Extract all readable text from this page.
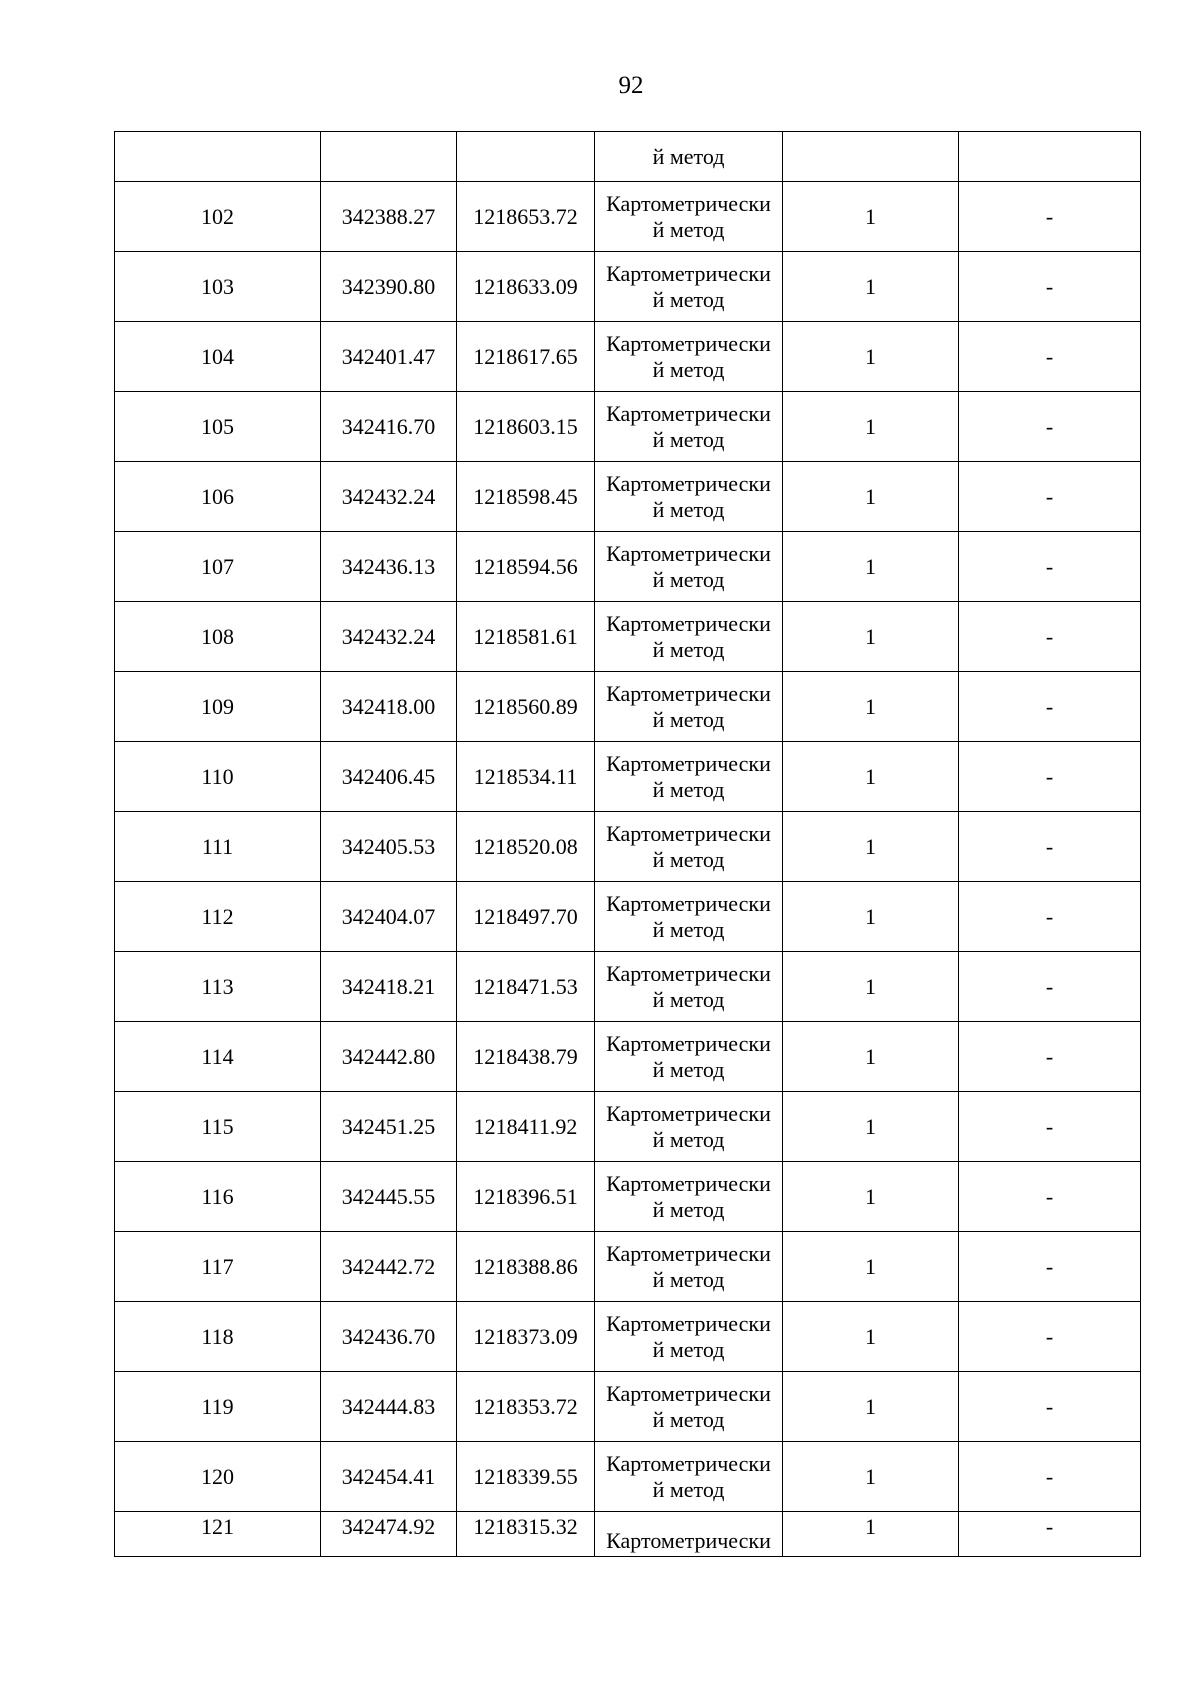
92

			й метод		

102	342388.27	1218653.72	Картометрически
й метод	1	-
103	342390.80	1218633.09	Картометрически
й метод	1	-
104	342401.47	1218617.65	Картометрически
й метод	1	-
105	342416.70	1218603.15	Картометрически
й метод	1	-
106	342432.24	1218598.45	Картометрически
й метод	1	-
107	342436.13	1218594.56	Картометрически
й метод	1	-
108	342432.24	1218581.61	Картометрически
й метод	1	-
109	342418.00	1218560.89	Картометрически
й метод	1	-
110	342406.45	1218534.11	Картометрически
й метод	1	-
111	342405.53	1218520.08	Картометрически
й метод	1	-
112	342404.07	1218497.70	Картометрически
й метод	1	-
113	342418.21	1218471.53	Картометрически
й метод	1	-
114	342442.80	1218438.79	Картометрически
й метод	1	-
115	342451.25	1218411.92	Картометрически
й метод	1	-
116	342445.55	1218396.51	Картометрически
й метод	1	-
117	342442.72	1218388.86	Картометрически
й метод	1	-
118	342436.70	1218373.09	Картометрически
й метод	1	-
119	342444.83	1218353.72	Картометрически
й метод	1	-
120	342454.41	1218339.55	Картометрически
й метод	1	-
121	342474.92	1218315.32	Картометрически	1	-
